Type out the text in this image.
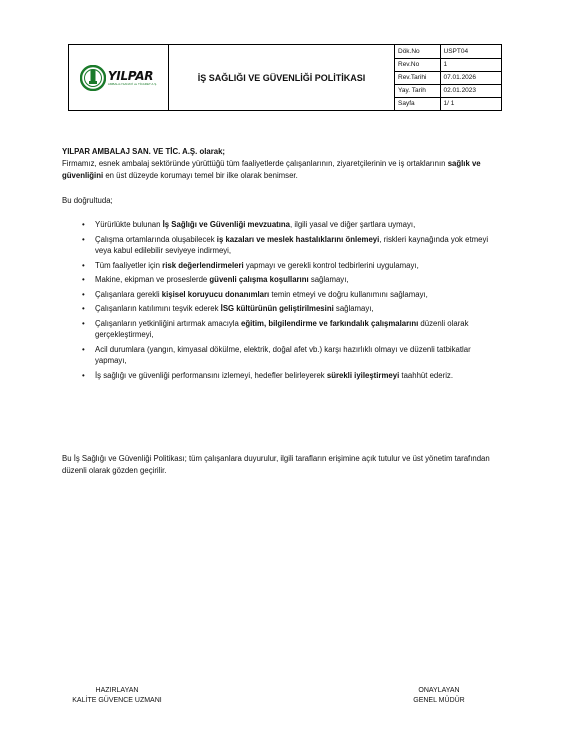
YILPAR
AMBALAJ SANAYİ ve TİCARET A.Ş.
İŞ SAĞLIĞI VE GÜVENLİĞİ POLİTİKASI
Dök.No	USPT04
Rev.No	1
Rev.Tarihi	07.01.2026
Yay. Tarih	02.01.2023
Sayfa	1/ 1
YILPAR AMBALAJ SAN. VE TİC. A.Ş. olarak;
Firmamız, esnek ambalaj sektöründe yürüttüğü tüm faaliyetlerde çalışanlarının, ziyaretçilerinin ve iş ortaklarının sağlık ve güvenliğini en üst düzeyde korumayı temel bir ilke olarak benimser.
Bu doğrultuda;
• Yürürlükte bulunan İş Sağlığı ve Güvenliği mevzuatına, ilgili yasal ve diğer şartlara uymayı,
• Çalışma ortamlarında oluşabilecek iş kazaları ve meslek hastalıklarını önlemeyi, riskleri kaynağında yok etmeyi veya kabul edilebilir seviyeye indirmeyi,
• Tüm faaliyetler için risk değerlendirmeleri yapmayı ve gerekli kontrol tedbirlerini uygulamayı,
• Makine, ekipman ve proseslerde güvenli çalışma koşullarını sağlamayı,
• Çalışanlara gerekli kişisel koruyucu donanımları temin etmeyi ve doğru kullanımını sağlamayı,
• Çalışanların katılımını teşvik ederek İSG kültürünün geliştirilmesini sağlamayı,
• Çalışanların yetkinliğini artırmak amacıyla eğitim, bilgilendirme ve farkındalık çalışmalarını düzenli olarak gerçekleştirmeyi,
• Acil durumlara (yangın, kimyasal dökülme, elektrik, doğal afet vb.) karşı hazırlıklı olmayı ve düzenli tatbikatlar yapmayı,
• İş sağlığı ve güvenliği performansını izlemeyi, hedefler belirleyerek sürekli iyileştirmeyi taahhüt ederiz.
Bu İş Sağlığı ve Güvenliği Politikası; tüm çalışanlara duyurulur, ilgili tarafların erişimine açık tutulur ve üst yönetim tarafından düzenli olarak gözden geçirilir.
HAZIRLAYAN
KALİTE GÜVENCE UZMANI
ONAYLAYAN
GENEL MÜDÜR
